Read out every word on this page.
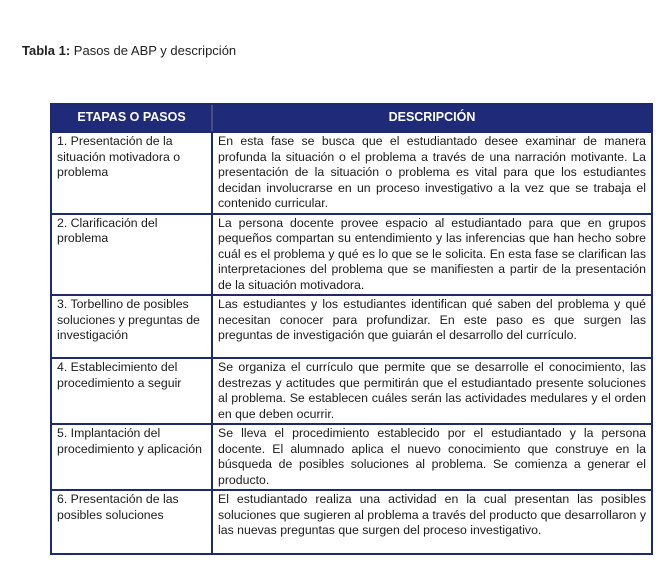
Tabla 1: Pasos de ABP y descripción
ETAPAS O PASOS	DESCRIPCIÓN
1. Presentación de la situación motivadora o problema	En esta fase se busca que el estudiantado desee examinar de manera profunda la situación o el problema a través de una narración motivante. La presentación de la situación o problema es vital para que los estudiantes decidan involucrarse en un proceso investigativo a la vez que se trabaja el contenido curricular.
2. Clarificación del problema	La persona docente provee espacio al estudiantado para que en grupos pequeños compartan su entendimiento y las inferencias que han hecho sobre cuál es el problema y qué es lo que se le solicita. En esta fase se clarifican las interpretaciones del problema que se manifiesten a partir de la presentación de la situación motivadora.
3. Torbellino de posibles soluciones y preguntas de investigación	Las estudiantes y los estudiantes identifican qué saben del problema y qué necesitan conocer para profundizar. En este paso es que surgen las preguntas de investigación que guiarán el desarrollo del currículo.
4. Establecimiento del procedimiento a seguir	Se organiza el currículo que permite que se desarrolle el conocimiento, las destrezas y actitudes que permitirán que el estudiantado presente soluciones al problema. Se establecen cuáles serán las actividades medulares y el orden en que deben ocurrir.
5. Implantación del procedimiento y aplicación	Se lleva el procedimiento establecido por el estudiantado y la persona docente. El alumnado aplica el nuevo conocimiento que construye en la búsqueda de posibles soluciones al problema. Se comienza a generar el producto.
6. Presentación de las posibles soluciones	El estudiantado realiza una actividad en la cual presentan las posibles soluciones que sugieren al problema a través del producto que desarrollaron y las nuevas preguntas que surgen del proceso investigativo.
